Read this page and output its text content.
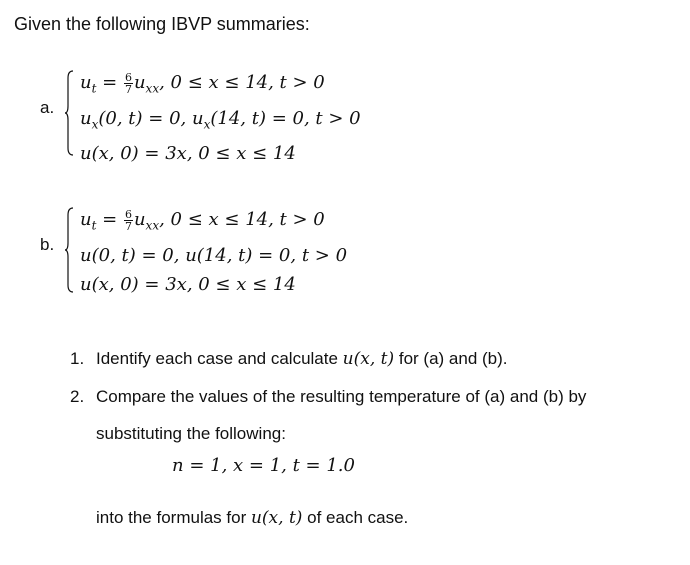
Given the following IBVP summaries:
a.
$u_t = \frac{6}{7} u_{xx}$, 0 ≤ x ≤ 14, t > 0
$u_x(0$, t) = 0, $u_x(14$, t) = 0, t > 0
u(x, 0) = 3x, 0 ≤ x ≤ 14
b.
$u_t = \frac{6}{7} u_{xx}$, 0 ≤ x ≤ 14, t > 0
u(0, t) = 0, u(14, t) = 0, t > 0
u(x, 0) = 3x, 0 ≤ x ≤ 14
1. Identify each case and calculate u(x, t) for (a) and (b).
2. Compare the values of the resulting temperature of (a) and (b) by
substituting the following:
n = 1, x = 1, t = 1.0
into the formulas for u(x, t) of each case.
